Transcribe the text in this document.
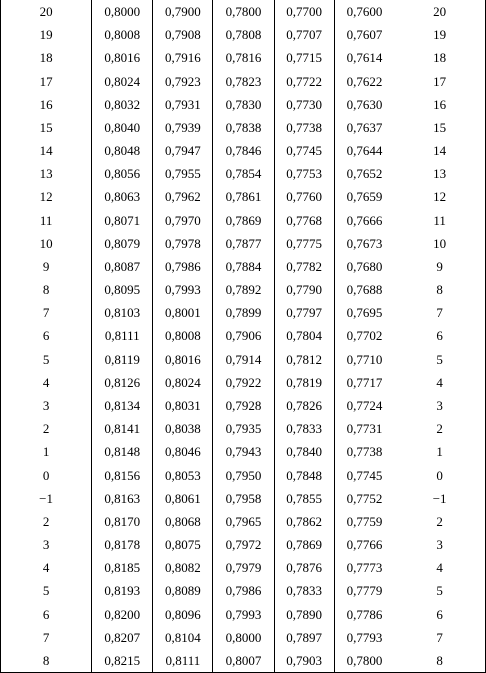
20	0,8000	0,7900	0,7800	0,7700	0,7600	20
19	0,8008	0,7908	0,7808	0,7707	0,7607	19
18	0,8016	0,7916	0,7816	0,7715	0,7614	18
17	0,8024	0,7923	0,7823	0,7722	0,7622	17
16	0,8032	0,7931	0,7830	0,7730	0,7630	16
15	0,8040	0,7939	0,7838	0,7738	0,7637	15
14	0,8048	0,7947	0,7846	0,7745	0,7644	14
13	0,8056	0,7955	0,7854	0,7753	0,7652	13
12	0,8063	0,7962	0,7861	0,7760	0,7659	12
11	0,8071	0,7970	0,7869	0,7768	0,7666	11
10	0,8079	0,7978	0,7877	0,7775	0,7673	10
9	0,8087	0,7986	0,7884	0,7782	0,7680	9
8	0,8095	0,7993	0,7892	0,7790	0,7688	8
7	0,8103	0,8001	0,7899	0,7797	0,7695	7
6	0,8111	0,8008	0,7906	0,7804	0,7702	6
5	0,8119	0,8016	0,7914	0,7812	0,7710	5
4	0,8126	0,8024	0,7922	0,7819	0,7717	4
3	0,8134	0,8031	0,7928	0,7826	0,7724	3
2	0,8141	0,8038	0,7935	0,7833	0,7731	2
1	0,8148	0,8046	0,7943	0,7840	0,7738	1
0	0,8156	0,8053	0,7950	0,7848	0,7745	0
−1	0,8163	0,8061	0,7958	0,7855	0,7752	−1
2	0,8170	0,8068	0,7965	0,7862	0,7759	2
3	0,8178	0,8075	0,7972	0,7869	0,7766	3
4	0,8185	0,8082	0,7979	0,7876	0,7773	4
5	0,8193	0,8089	0,7986	0,7833	0,7779	5
6	0,8200	0,8096	0,7993	0,7890	0,7786	6
7	0,8207	0,8104	0,8000	0,7897	0,7793	7
8	0,8215	0,8111	0,8007	0,7903	0,7800	8
